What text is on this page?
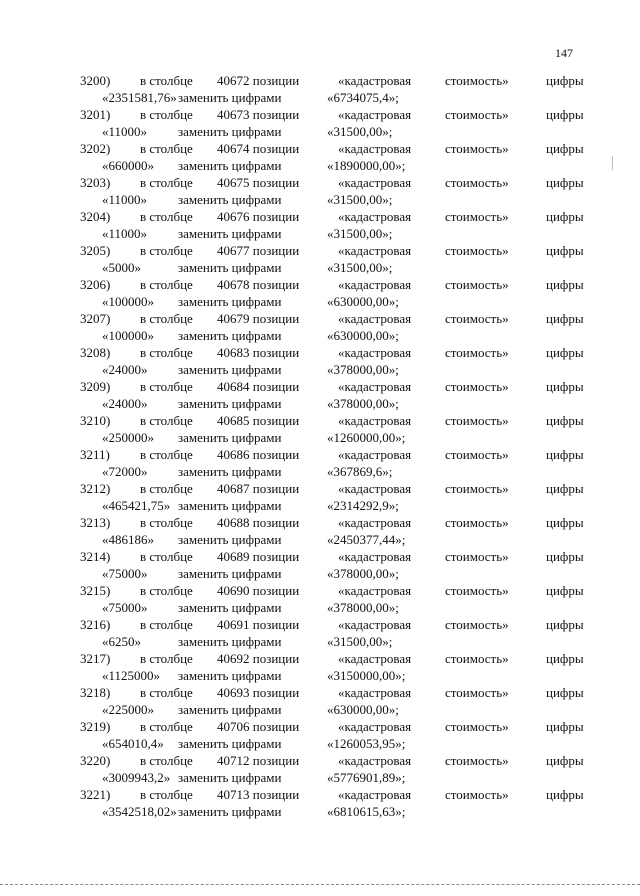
147
3200) в столбце 40672 позиции	«кадастровая	стоимость»	цифры
«2351581,76» заменить цифрами	«6734075,4»;
3201) в столбце 40673 позиции	«кадастровая	стоимость»	цифры
«11000» заменить цифрами	«31500,00»;
3202) в столбце 40674 позиции	«кадастровая	стоимость»	цифры
«660000» заменить цифрами	«1890000,00»;
3203) в столбце 40675 позиции	«кадастровая	стоимость»	цифры
«11000» заменить цифрами	«31500,00»;
3204) в столбце 40676 позиции	«кадастровая	стоимость»	цифры
«11000» заменить цифрами	«31500,00»;
3205) в столбце 40677 позиции	«кадастровая	стоимость»	цифры
«5000»	заменить цифрами	«31500,00»;
3206) в столбце 40678 позиции	«кадастровая	стоимость»	цифры
«100000» заменить цифрами	«630000,00»;
3207) в столбце 40679 позиции	«кадастровая	стоимость»	цифры
«100000» заменить цифрами	«630000,00»;
3208) в столбце 40683 позиции	«кадастровая	стоимость»	цифры
«24000» заменить цифрами	«378000,00»;
3209) в столбце 40684 позиции	«кадастровая	стоимость»	цифры
«24000» заменить цифрами	«378000,00»;
3210) в столбце 40685 позиции	«кадастровая	стоимость»	цифры
«250000» заменить цифрами	«1260000,00»;
3211) в столбце 40686 позиции	«кадастровая	стоимость»	цифры
«72000» заменить цифрами	«367869,6»;
3212) в столбце 40687 позиции	«кадастровая	стоимость»	цифры
«465421,75» заменить цифрами	«2314292,9»;
3213) в столбце 40688 позиции	«кадастровая	стоимость»	цифры
«486186» заменить цифрами	«2450377,44»;
3214) в столбце 40689 позиции	«кадастровая	стоимость»	цифры
«75000» заменить цифрами	«378000,00»;
3215) в столбце 40690 позиции	«кадастровая	стоимость»	цифры
«75000» заменить цифрами	«378000,00»;
3216) в столбце 40691 позиции	«кадастровая	стоимость»	цифры
«6250»	заменить цифрами	«31500,00»;
3217) в столбце 40692 позиции	«кадастровая	стоимость»	цифры
«1125000» заменить цифрами	«3150000,00»;
3218) в столбце 40693 позиции	«кадастровая	стоимость»	цифры
«225000» заменить цифрами	«630000,00»;
3219) в столбце 40706 позиции	«кадастровая	стоимость»	цифры
«654010,4» заменить цифрами	«1260053,95»;
3220) в столбце 40712 позиции	«кадастровая	стоимость»	цифры
«3009943,2» заменить цифрами	«5776901,89»;
3221) в столбце 40713 позиции	«кадастровая	стоимость»	цифры
«3542518,02» заменить цифрами	«6810615,63»;
